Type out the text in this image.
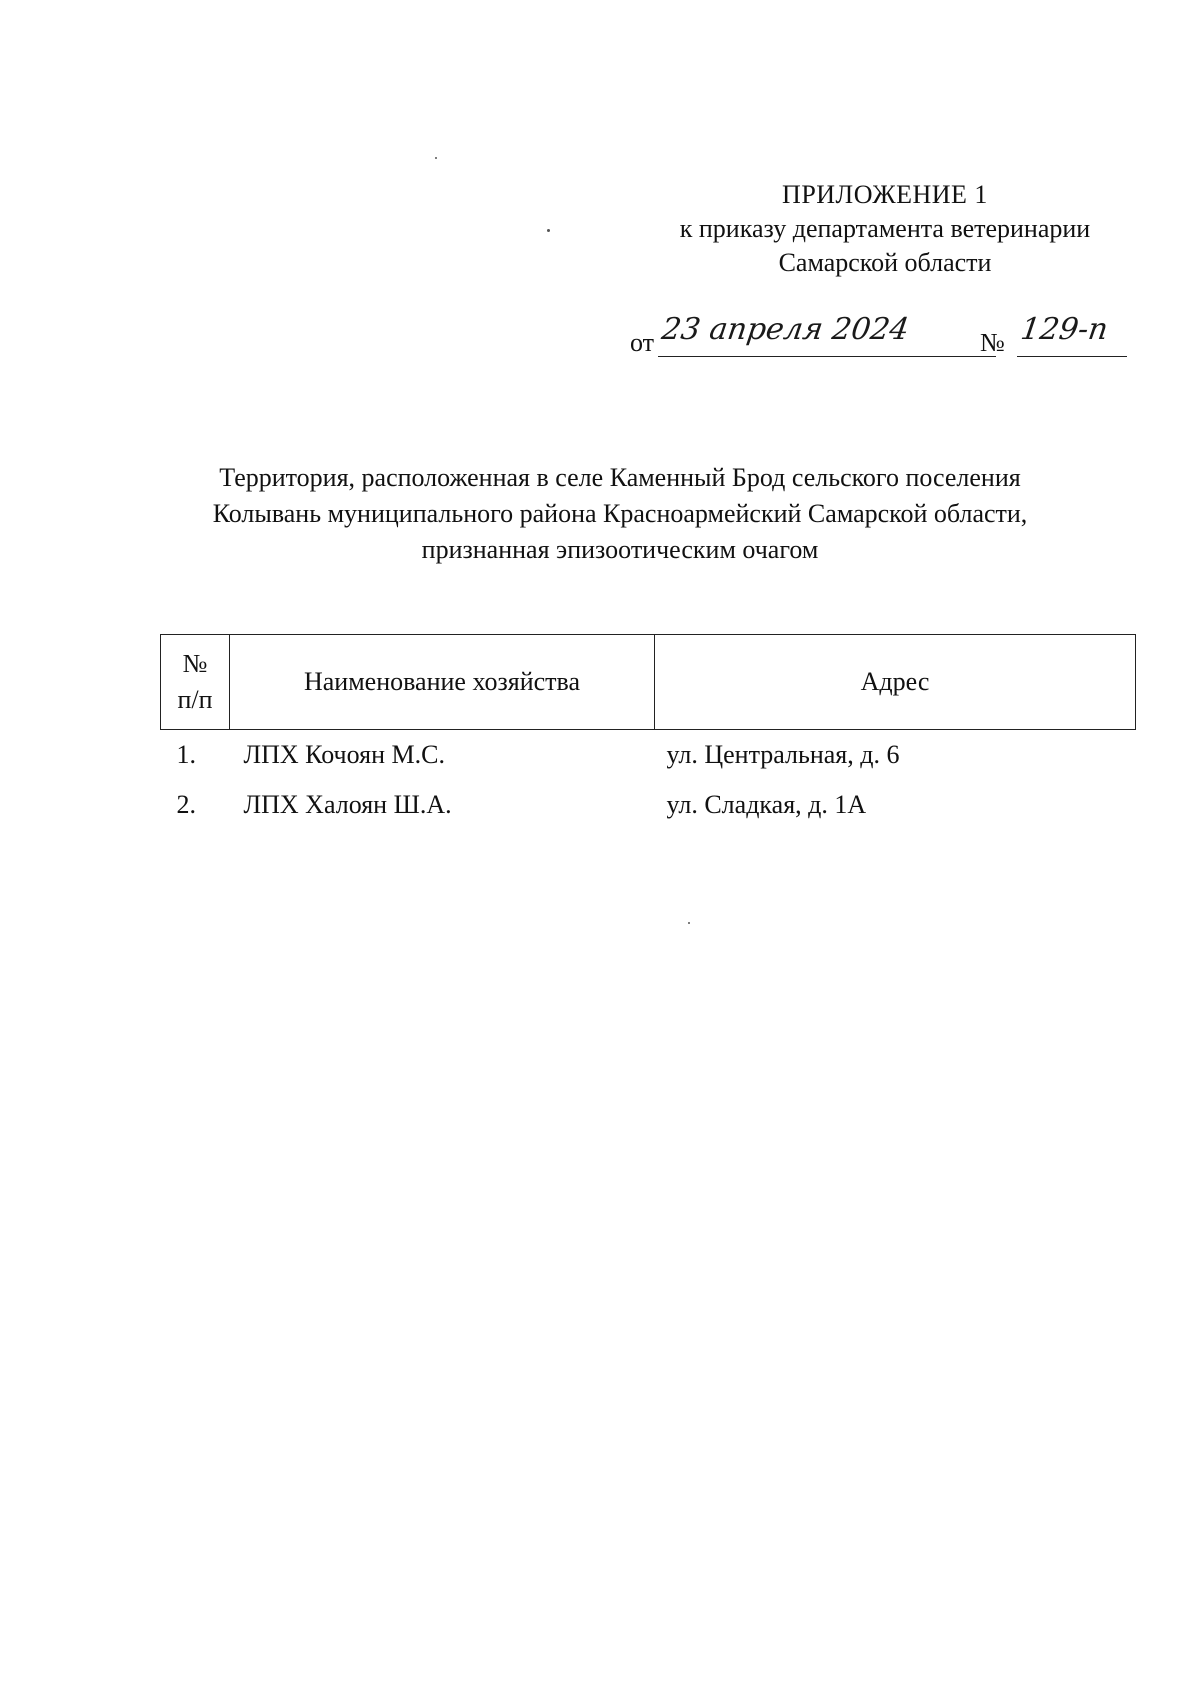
ПРИЛОЖЕНИЕ 1
к приказу департамента ветеринарии
Самарской области
от 23 апреля 2024	№ 129-п
Территория, расположенная в селе Каменный Брод сельского поселения
Колывань муниципального района Красноармейский Самарской области,
признанная эпизоотическим очагом
№
п/п	Наименование хозяйства	Адрес
1.	ЛПХ Кочоян М.С.	ул. Центральная, д. 6
2.	ЛПХ Халоян Ш.А.	ул. Сладкая, д. 1А
